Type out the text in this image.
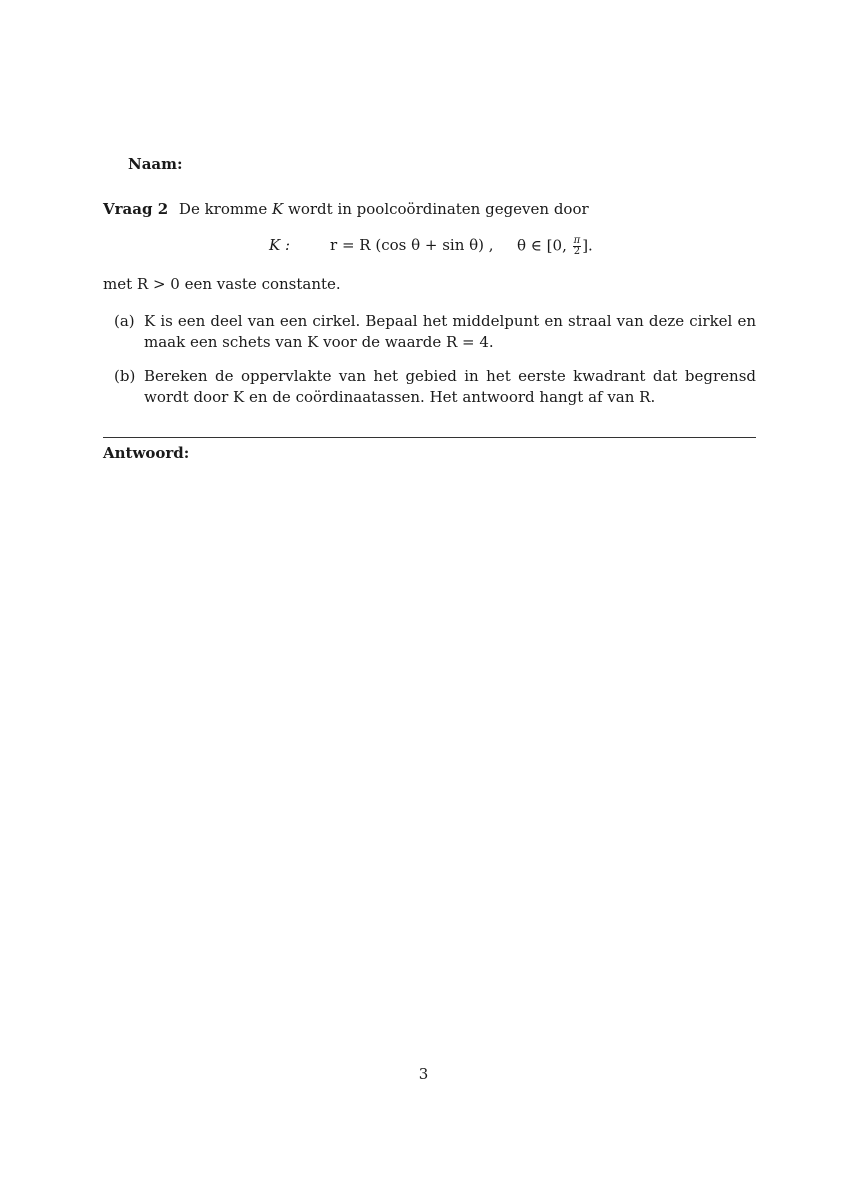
Naam:
Vraag 2 De kromme K wordt in poolcoördinaten gegeven door
K :	r = R (cos θ + sin θ) , θ ∈ [0, $\frac{\pi}{2}$ ].
met R > 0 een vaste constante.
(a) K is een deel van een cirkel. Bepaal het middelpunt en straal van deze cirkel en maak een schets van K voor de waarde R = 4.
(b) Bereken de oppervlakte van het gebied in het eerste kwadrant dat begrensd wordt door K en de coördinaatassen. Het antwoord hangt af van R.
Antwoord:
3
